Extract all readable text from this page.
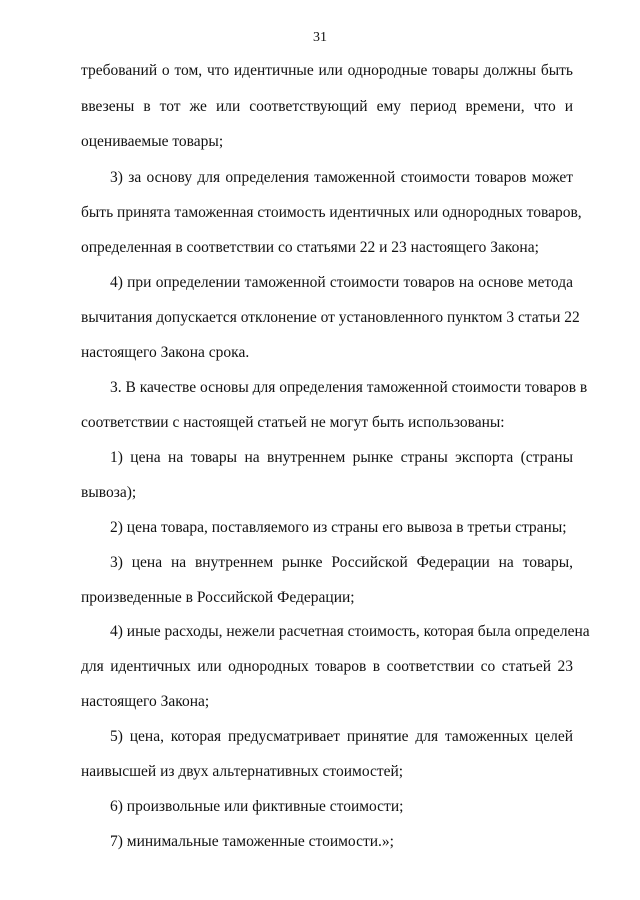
31
требований о том, что идентичные или однородные товары должны быть
ввезены в тот же или соответствующий ему период времени, что и
оцениваемые товары;
3) за основу для определения таможенной стоимости товаров может
быть принята таможенная стоимость идентичных или однородных товаров,
определенная в соответствии со статьями 22 и 23 настоящего Закона;
4) при определении таможенной стоимости товаров на основе метода
вычитания допускается отклонение от установленного пунктом 3 статьи 22
настоящего Закона срока.
3. В качестве основы для определения таможенной стоимости товаров в
соответствии с настоящей статьей не могут быть использованы:
1) цена на товары на внутреннем рынке страны экспорта (страны
вывоза);
2) цена товара, поставляемого из страны его вывоза в третьи страны;
3) цена на внутреннем рынке Российской Федерации на товары,
произведенные в Российской Федерации;
4) иные расходы, нежели расчетная стоимость, которая была определена
для идентичных или однородных товаров в соответствии со статьей 23
настоящего Закона;
5) цена, которая предусматривает принятие для таможенных целей
наивысшей из двух альтернативных стоимостей;
6) произвольные или фиктивные стоимости;
7) минимальные таможенные стоимости.»;
